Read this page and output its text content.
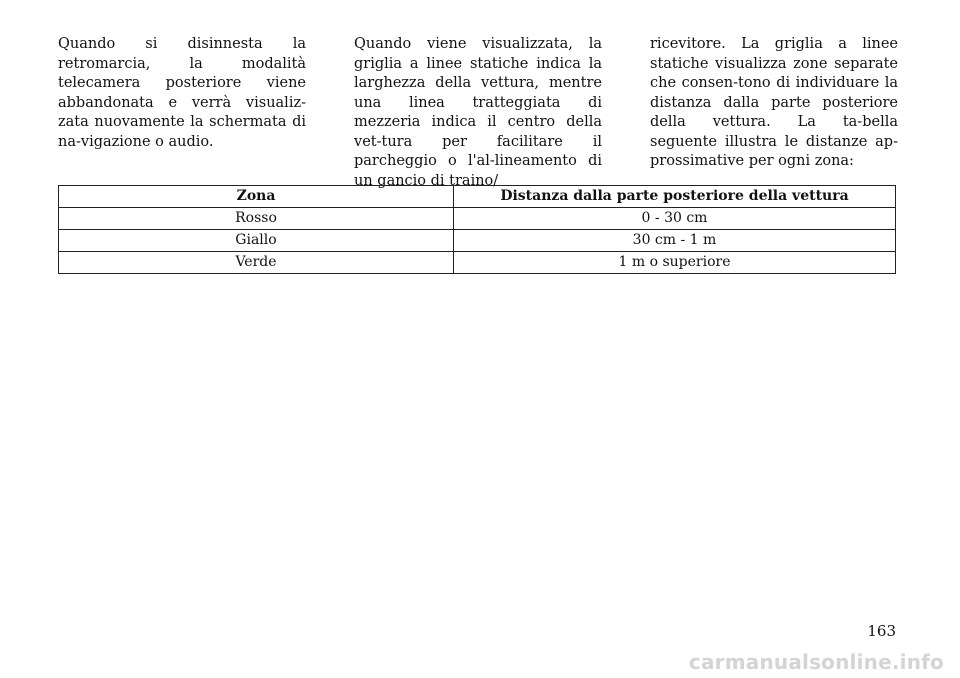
Quando si disinnesta la retromarcia, la modalità telecamera posteriore viene abbandonata e verrà visualiz-zata nuovamente la schermata di na-vigazione o audio.

Quando viene visualizzata, la griglia a linee statiche indica la larghezza della vettura, mentre una linea tratteggiata di mezzeria indica il centro della vet-tura per facilitare il parcheggio o l'al-lineamento di un gancio di traino/

ricevitore. La griglia a linee statiche visualizza zone separate che consen-tono di individuare la distanza dalla parte posteriore della vettura. La ta-bella seguente illustra le distanze ap-prossimative per ogni zona:

Zona	Distanza dalla parte posteriore della vettura
Rosso	0 - 30 cm
Giallo	30 cm - 1 m
Verde	1 m o superiore
163
carmanualsonline.info
